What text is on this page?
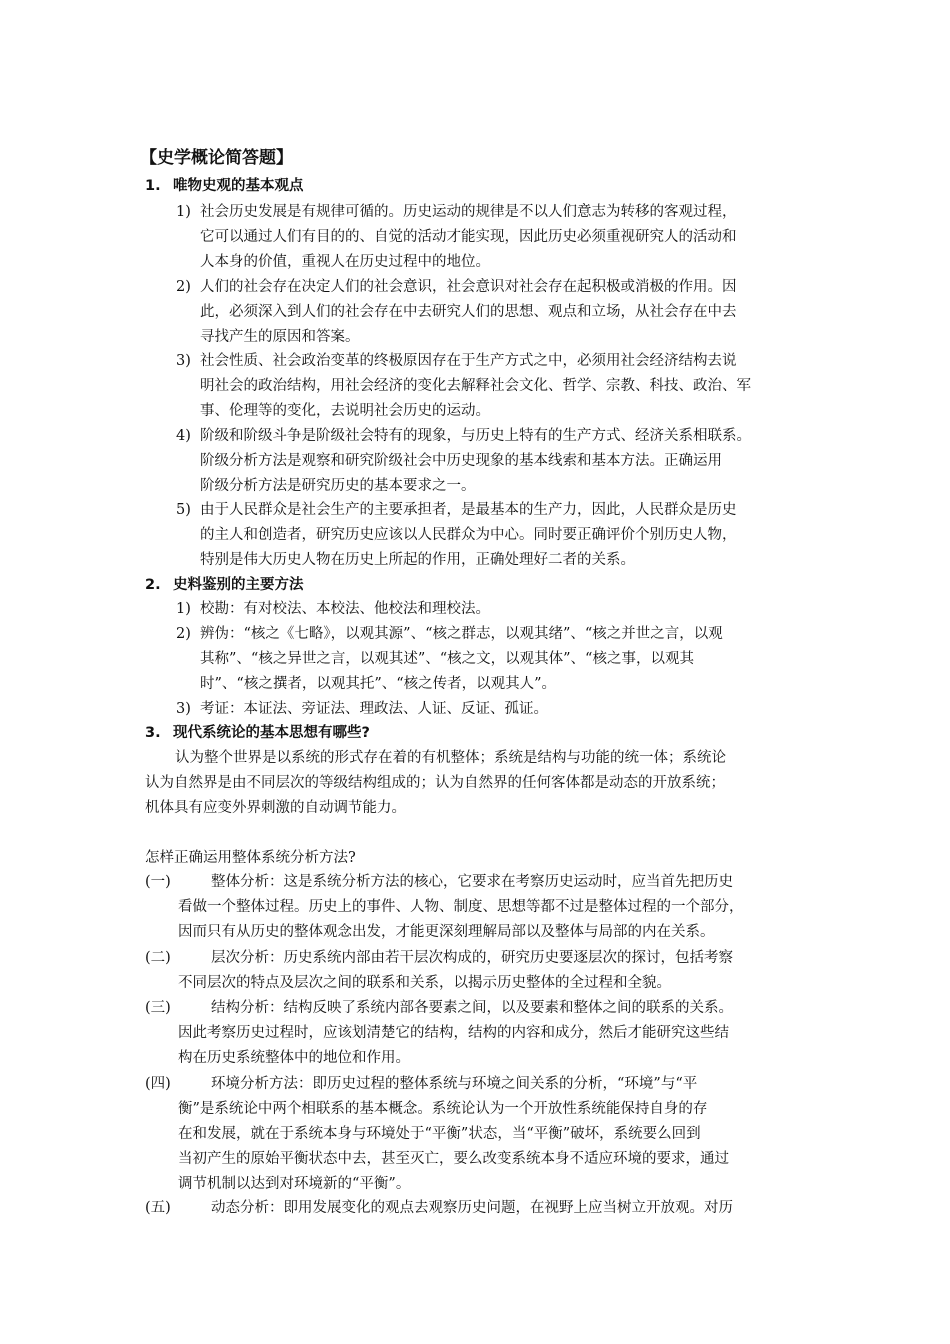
【史学概论简答题】
1. 唯物史观的基本观点
1) 社会历史发展是有规律可循的。历史运动的规律是不以人们意志为转移的客观过程，
它可以通过人们有目的的、自觉的活动才能实现，因此历史必须重视研究人的活动和
人本身的价值，重视人在历史过程中的地位。
2) 人们的社会存在决定人们的社会意识，社会意识对社会存在起积极或消极的作用。因
此，必须深入到人们的社会存在中去研究人们的思想、观点和立场，从社会存在中去
寻找产生的原因和答案。
3) 社会性质、社会政治变革的终极原因存在于生产方式之中，必须用社会经济结构去说
明社会的政治结构，用社会经济的变化去解释社会文化、哲学、宗教、科技、政治、军
事、伦理等的变化，去说明社会历史的运动。
4) 阶级和阶级斗争是阶级社会特有的现象，与历史上特有的生产方式、经济关系相联系。
阶级分析方法是观察和研究阶级社会中历史现象的基本线索和基本方法。正确运用
阶级分析方法是研究历史的基本要求之一。
5) 由于人民群众是社会生产的主要承担者，是最基本的生产力，因此，人民群众是历史
的主人和创造者，研究历史应该以人民群众为中心。同时要正确评价个别历史人物，
特别是伟大历史人物在历史上所起的作用，正确处理好二者的关系。
2. 史料鉴别的主要方法
1) 校勘：有对校法、本校法、他校法和理校法。
2) 辨伪：“核之《七略》，以观其源”、“核之群志，以观其绪”、“核之并世之言，以观
其称”、“核之异世之言，以观其述”、“核之文，以观其体”、“核之事，以观其
时”、“核之撰者，以观其托”、“核之传者，以观其人”。
3) 考证：本证法、旁证法、理政法、人证、反证、孤证。
3. 现代系统论的基本思想有哪些?
认为整个世界是以系统的形式存在着的有机整体；系统是结构与功能的统一体；系统论
认为自然界是由不同层次的等级结构组成的；认为自然界的任何客体都是动态的开放系统；
机体具有应变外界刺激的自动调节能力。
怎样正确运用整体系统分析方法?
(一)	整体分析：这是系统分析方法的核心，它要求在考察历史运动时，应当首先把历史
看做一个整体过程。历史上的事件、人物、制度、思想等都不过是整体过程的一个部分，
因而只有从历史的整体观念出发，才能更深刻理解局部以及整体与局部的内在关系。
(二)	层次分析：历史系统内部由若干层次构成的，研究历史要逐层次的探讨，包括考察
不同层次的特点及层次之间的联系和关系，以揭示历史整体的全过程和全貌。
(三)	结构分析：结构反映了系统内部各要素之间，以及要素和整体之间的联系的关系。
因此考察历史过程时，应该划清楚它的结构，结构的内容和成分，然后才能研究这些结
构在历史系统整体中的地位和作用。
(四)	环境分析方法：即历史过程的整体系统与环境之间关系的分析，“环境”与“平
衡”是系统论中两个相联系的基本概念。系统论认为一个开放性系统能保持自身的存
在和发展，就在于系统本身与环境处于“平衡”状态，当“平衡”破坏，系统要么回到
当初产生的原始平衡状态中去，甚至灭亡，要么改变系统本身不适应环境的要求，通过
调节机制以达到对环境新的“平衡”。
(五)	动态分析：即用发展变化的观点去观察历史问题，在视野上应当树立开放观。对历
